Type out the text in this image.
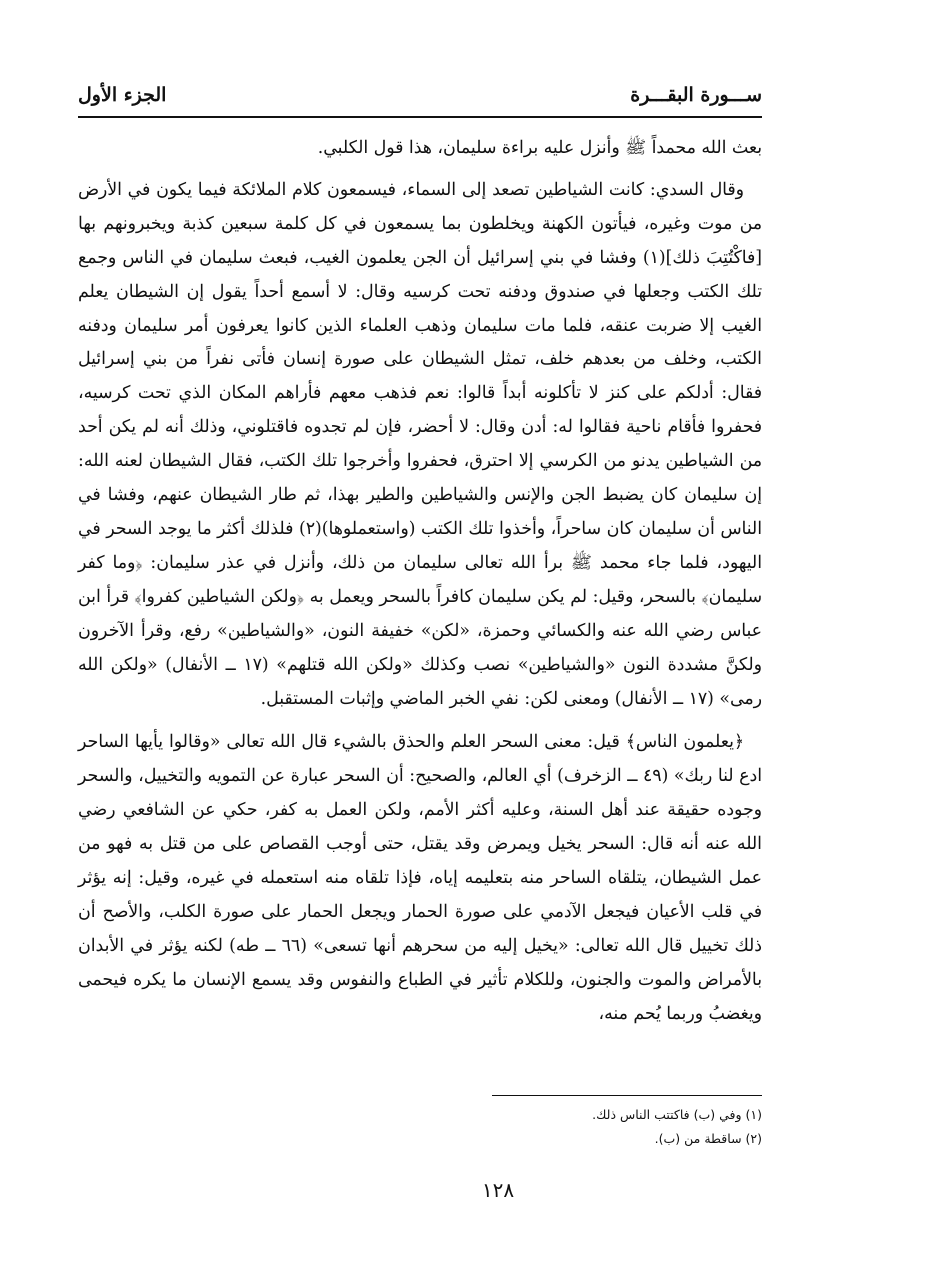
ســـورة البقـــرة
الجزء الأول

بعث الله محمداً ﷺ وأنزل عليه براءة سليمان، هذا قول الكلبي.

وقال السدي: كانت الشياطين تصعد إلى السماء، فيسمعون كلام الملائكة فيما يكون في الأرض من موت وغيره، فيأتون الكهنة ويخلطون بما يسمعون في كل كلمة سبعين كذبة ويخبرونهم بها [فاكْتُتِبَ ذلك](١) وفشا في بني إسرائيل أن الجن يعلمون الغيب، فبعث سليمان في الناس وجمع تلك الكتب وجعلها في صندوق ودفنه تحت كرسيه وقال: لا أسمع أحداً يقول إن الشيطان يعلم الغيب إلا ضربت عنقه، فلما مات سليمان وذهب العلماء الذين كانوا يعرفون أمر سليمان ودفنه الكتب، وخلف من بعدهم خلف، تمثل الشيطان على صورة إنسان فأتى نفراً من بني إسرائيل فقال: أدلكم على كنز لا تأكلونه أبداً قالوا: نعم فذهب معهم فأراهم المكان الذي تحت كرسيه، فحفروا فأقام ناحية فقالوا له: أدن وقال: لا أحضر، فإن لم تجدوه فاقتلوني، وذلك أنه لم يكن أحد من الشياطين يدنو من الكرسي إلا احترق، فحفروا وأخرجوا تلك الكتب، فقال الشيطان لعنه الله: إن سليمان كان يضبط الجن والإنس والشياطين والطير بهذا، ثم طار الشيطان عنهم، وفشا في الناس أن سليمان كان ساحراً، وأخذوا تلك الكتب (واستعملوها)(٢) فلذلك أكثر ما يوجد السحر في اليهود، فلما جاء محمد ﷺ برأ الله تعالى سليمان من ذلك، وأنزل في عذر سليمان: ﴿وما كفر سليمان﴾ بالسحر، وقيل: لم يكن سليمان كافراً بالسحر ويعمل به ﴿ولكن الشياطين كفروا﴾ قرأ ابن عباس رضي الله عنه والكسائي وحمزة، «لكن» خفيفة النون، «والشياطين» رفع، وقرأ الآخرون ولكنَّ مشددة النون «والشياطين» نصب وكذلك «ولكن الله قتلهم» (١٧ ــ الأنفال) «ولكن الله رمى» (١٧ ــ الأنفال) ومعنى لكن: نفي الخبر الماضي وإثبات المستقبل.

﴿يعلمون الناس﴾ قيل: معنى السحر العلم والحذق بالشيء قال الله تعالى «وقالوا يأيها الساحر ادع لنا ربك» (٤٩ ــ الزخرف) أي العالم، والصحيح: أن السحر عبارة عن التمويه والتخييل، والسحر وجوده حقيقة عند أهل السنة، وعليه أكثر الأمم، ولكن العمل به كفر، حكي عن الشافعي رضي الله عنه أنه قال: السحر يخيل ويمرض وقد يقتل، حتى أوجب القصاص على من قتل به فهو من عمل الشيطان، يتلقاه الساحر منه بتعليمه إياه، فإذا تلقاه منه استعمله في غيره، وقيل: إنه يؤثر في قلب الأعيان فيجعل الآدمي على صورة الحمار ويجعل الحمار على صورة الكلب، والأصح أن ذلك تخييل قال الله تعالى: «يخيل إليه من سحرهم أنها تسعى» (٦٦ ــ طه) لكنه يؤثر في الأبدان بالأمراض والموت والجنون، وللكلام تأثير في الطباع والنفوس وقد يسمع الإنسان ما يكره فيحمى ويغضبُ وربما يُحم منه،

(١) وفي (ب) فاكتتب الناس ذلك.
(٢) ساقطة من (ب).
١٢٨
